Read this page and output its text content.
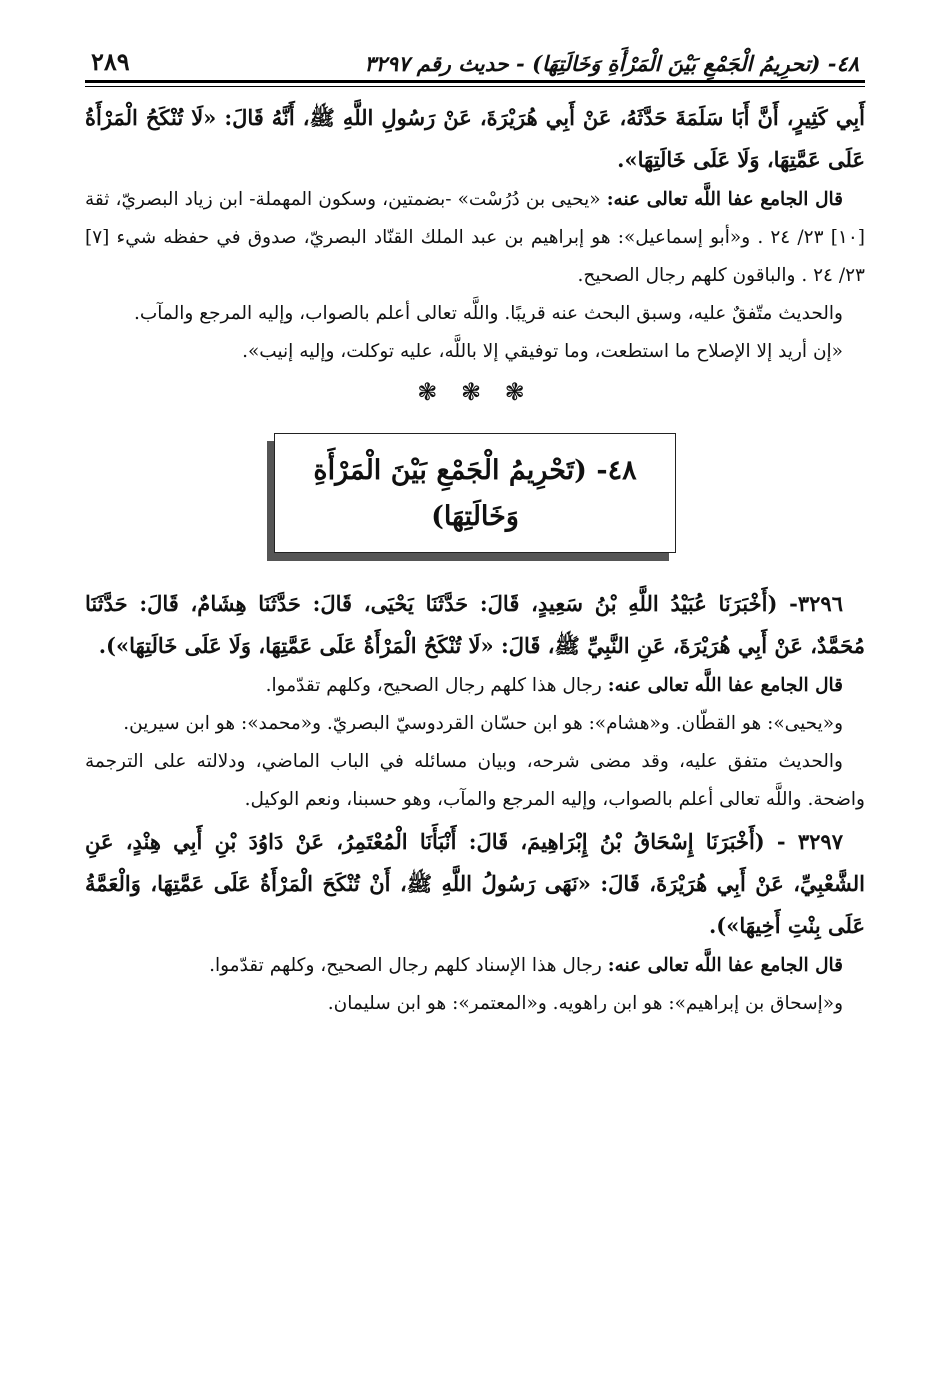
٤٨- (تحرِيمُ الْجَمْعِ بَيْنَ الْمَرْأَةِ وَخَالَتِهَا) - حديث رقم ٣٢٩٧
٢٨٩

أَبِي كَثِيرٍ، أَنَّ أَبَا سَلَمَةَ حَدَّثَهُ، عَنْ أَبِي هُرَيْرَةَ، عَنْ رَسُولِ اللَّهِ ﷺ، أَنَّهُ قَالَ: «لَا تُنْكَحُ الْمَرْأَةُ عَلَى عَمَّتِهَا، وَلَا عَلَى خَالَتِهَا».

قال الجامع عفا اللَّه تعالى عنه: «يحيى بن دُرُسْت» -بضمتين، وسكون المهملة- ابن زياد البصريّ، ثقة [١٠] ٢٣/ ٢٤ . و«أبو إسماعيل»: هو إبراهيم بن عبد الملك القنّاد البصريّ، صدوق في حفظه شيء [٧] ٢٣/ ٢٤ . والباقون كلهم رجال الصحيح.

والحديث متّفقٌ عليه، وسبق البحث عنه قريبًا. واللَّه تعالى أعلم بالصواب، وإليه المرجع والمآب.

«إن أريد إلا الإصلاح ما استطعت، وما توفيقي إلا باللَّه، عليه توكلت، وإليه إنيب».

❃ ❃ ❃
٤٨- (تَحْرِيمُ الْجَمْعِ بَيْنَ الْمَرْأَةِ
وَخَالَتِهَا)

٣٢٩٦- (أَخْبَرَنَا عُبَيْدُ اللَّهِ بْنُ سَعِيدٍ، قَالَ: حَدَّثَنَا يَحْيَى، قَالَ: حَدَّثَنَا هِشَامٌ، قَالَ: حَدَّثَنَا مُحَمَّدٌ، عَنْ أَبِي هُرَيْرَةَ، عَنِ النَّبِيِّ ﷺ، قَالَ: «لَا تُنْكَحُ الْمَرْأَةُ عَلَى عَمَّتِهَا، وَلَا عَلَى خَالَتِهَا»).

قال الجامع عفا اللَّه تعالى عنه: رجال هذا كلهم رجال الصحيح، وكلهم تقدّموا.

و«يحيى»: هو القطّان. و«هشام»: هو ابن حسّان القردوسيّ البصريّ. و«محمد»: هو ابن سيرين.

والحديث متفق عليه، وقد مضى شرحه، وبيان مسائله في الباب الماضي، ودلالته على الترجمة واضحة. واللَّه تعالى أعلم بالصواب، وإليه المرجع والمآب، وهو حسبنا، ونعم الوكيل.

٣٢٩٧ - (أَخْبَرَنَا إِسْحَاقُ بْنُ إِبْرَاهِيمَ، قَالَ: أَنْبَأَنَا الْمُعْتَمِرُ، عَنْ دَاوُدَ بْنِ أَبِي هِنْدٍ، عَنِ الشَّعْبِيِّ، عَنْ أَبِي هُرَيْرَةَ، قَالَ: «نَهَى رَسُولُ اللَّهِ ﷺ، أَنْ تُنْكَحَ الْمَرْأَةُ عَلَى عَمَّتِهَا، وَالْعَمَّةُ عَلَى بِنْتِ أَخِيهَا»).

قال الجامع عفا اللَّه تعالى عنه: رجال هذا الإسناد كلهم رجال الصحيح، وكلهم تقدّموا.

و«إسحاق بن إبراهيم»: هو ابن راهويه. و«المعتمر»: هو ابن سليمان.
